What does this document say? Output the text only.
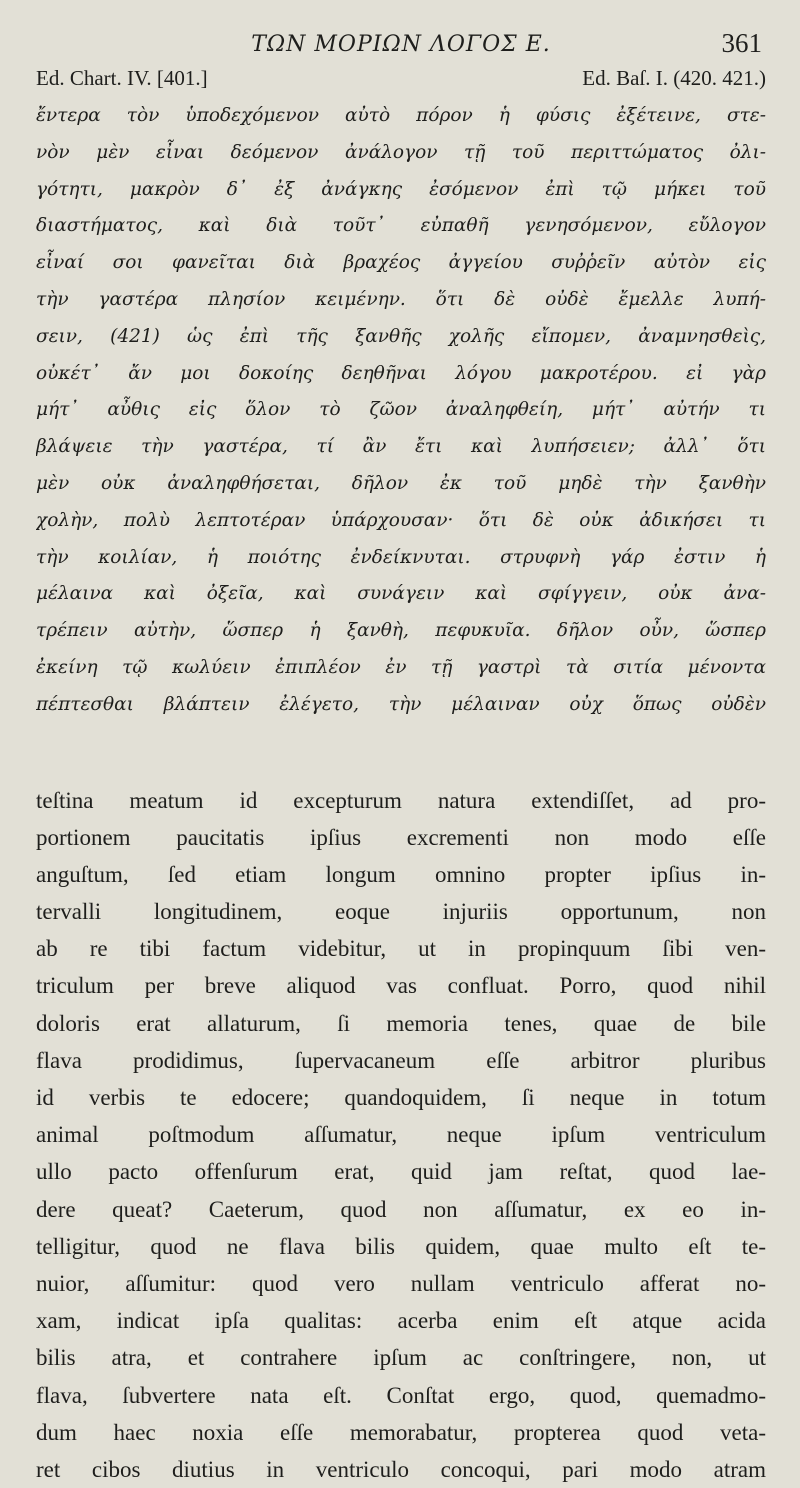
ΤΩΝ ΜΟΡΙΩΝ ΛΟΓΟΣ Ε.	361
Ed. Chart. IV. [401.]	Ed. Baſ. I. (420. 421.)
ἔντερα τὸν ὑποδεχόμενον αὐτὸ πόρον ἡ φύσις ἐξέτεινε, στε-
νὸν μὲν εἶναι δεόμενον ἀνάλογον τῇ τοῦ περιττώματος ὀλι-
γότητι, μακρὸν δ᾽ ἐξ ἀνάγκης ἐσόμενον ἐπὶ τῷ μήκει τοῦ
διαστήματος, καὶ διὰ τοῦτ᾽ εὐπαθῆ γενησόμενον, εὔλογον
εἶναί σοι φανεῖται διὰ βραχέος ἀγγείου συῤῥεῖν αὐτὸν εἰς
τὴν γαστέρα πλησίον κειμένην. ὅτι δὲ οὐδὲ ἔμελλε λυπή-
σειν, (421) ὡς ἐπὶ τῆς ξανθῆς χολῆς εἴπομεν, ἀναμνησθεὶς,
οὐκέτ᾽ ἄν μοι δοκοίης δεηθῆναι λόγου μακροτέρου. εἰ γὰρ
μήτ᾽ αὖθις εἰς ὅλον τὸ ζῶον ἀναληφθείη, μήτ᾽ αὐτήν τι
βλάψειε τὴν γαστέρα, τί ἂν ἔτι καὶ λυπήσειεν; ἀλλ᾽ ὅτι
μὲν οὐκ ἀναληφθήσεται, δῆλον ἐκ τοῦ μηδὲ τὴν ξανθὴν
χολὴν, πολὺ λεπτοτέραν ὑπάρχουσαν· ὅτι δὲ οὐκ ἀδικήσει τι
τὴν κοιλίαν, ἡ ποιότης ἐνδείκνυται. στρυφνὴ γάρ ἐστιν ἡ
μέλαινα καὶ ὀξεῖα, καὶ συνάγειν καὶ σφίγγειν, οὐκ ἀνα-
τρέπειν αὐτὴν, ὥσπερ ἡ ξανθὴ, πεφυκυῖα. δῆλον οὖν, ὥσπερ
ἐκείνη τῷ κωλύειν ἐπιπλέον ἐν τῇ γαστρὶ τὰ σιτία μένοντα
πέπτεσθαι βλάπτειν ἐλέγετο, τὴν μέλαιναν οὐχ ὅπως οὐδὲν
teſtina meatum id excepturum natura extendiſſet, ad pro-
portionem paucitatis ipſius excrementi non modo eſſe
anguſtum, ſed etiam longum omnino propter ipſius in-
tervalli longitudinem, eoque injuriis opportunum, non
ab re tibi factum videbitur, ut in propinquum ſibi ven-
triculum per breve aliquod vas confluat. Porro, quod nihil
doloris erat allaturum, ſi memoria tenes, quae de bile
flava prodidimus, ſupervacaneum eſſe arbitror pluribus
id verbis te edocere; quandoquidem, ſi neque in totum
animal poſtmodum aſſumatur, neque ipſum ventriculum
ullo pacto offenſurum erat, quid jam reſtat, quod lae-
dere queat? Caeterum, quod non aſſumatur, ex eo in-
telligitur, quod ne flava bilis quidem, quae multo eſt te-
nuior, aſſumitur: quod vero nullam ventriculo afferat no-
xam, indicat ipſa qualitas: acerba enim eſt atque acida
bilis atra, et contrahere ipſum ac conſtringere, non, ut
flava, ſubvertere nata eſt. Conſtat ergo, quod, quemadmo-
dum haec noxia eſſe memorabatur, propterea quod veta-
ret cibos diutius in ventriculo concoqui, pari modo atram
